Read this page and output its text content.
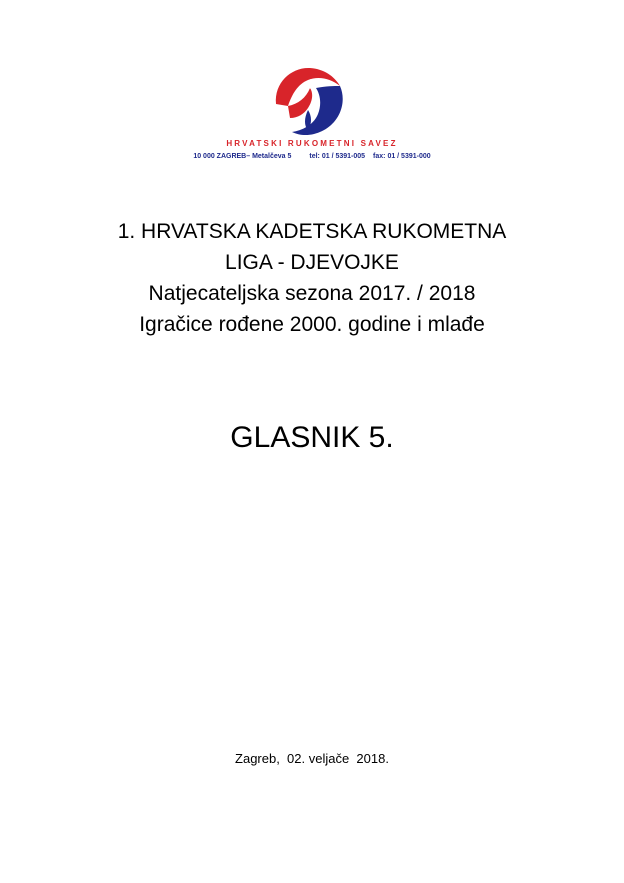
HRVATSKI RUKOMETNI SAVEZ
10 000 ZAGREB– Metalčeva 5	tel: 01 / 5391-005 fax: 01 / 5391-000
1. HRVATSKA KADETSKA RUKOMETNA
LIGA - DJEVOJKE
Natjecateljska sezona 2017. / 2018
Igračice rođene 2000. godine i mlađe
GLASNIK 5.
Zagreb,  02. veljače  2018.
